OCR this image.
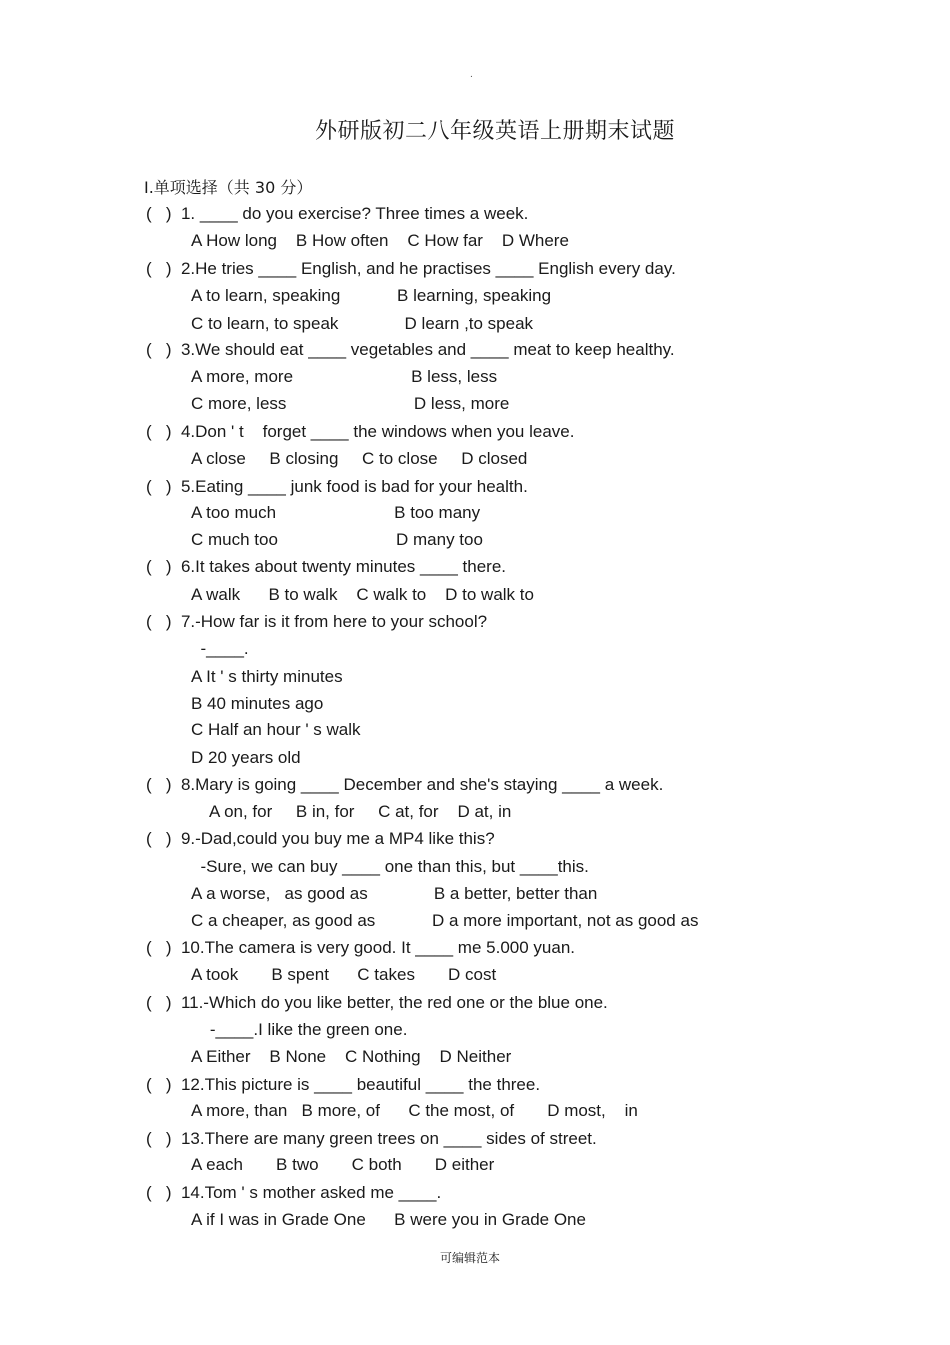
.
外研版初二八年级英语上册期末试题
I.单项选择（共 30 分）
(   )  1. ____ do you exercise? Three times a week.
A How long    B How often    C How far    D Where
(   )  2.He tries ____ English, and he practises ____ English every day.
A to learn, speaking            B learning, speaking
C to learn, to speak              D learn ,to speak
(   )  3.We should eat ____ vegetables and ____ meat to keep healthy.
A more, more                         B less, less
C more, less                           D less, more
(   )  4.Don ' t    forget ____ the windows when you leave.
A close     B closing     C to close     D closed
(   )  5.Eating ____ junk food is bad for your health.
A too much                         B too many
C much too                         D many too
(   )  6.It takes about twenty minutes ____ there.
A walk      B to walk    C walk to    D to walk to
(   )  7.-How far is it from here to your school?
-____.
A It ' s thirty minutes
B 40 minutes ago
C Half an hour ' s walk
D 20 years old
(   )  8.Mary is going ____ December and she's staying ____ a week.
A on, for     B in, for     C at, for    D at, in
(   )  9.-Dad,could you buy me a MP4 like this?
-Sure, we can buy ____ one than this, but ____this.
A a worse,   as good as              B a better, better than
C a cheaper, as good as            D a more important, not as good as
(   )  10.The camera is very good. It ____ me 5.000 yuan.
A took       B spent      C takes       D cost
(   )  11.-Which do you like better, the red one or the blue one.
-____.I like the green one.
A Either    B None    C Nothing    D Neither
(   )  12.This picture is ____ beautiful ____ the three.
A more, than   B more, of      C the most, of       D most,    in
(   )  13.There are many green trees on ____ sides of street.
A each       B two       C both       D either
(   )  14.Tom ' s mother asked me ____.
A if I was in Grade One      B were you in Grade One
可编辑范本
